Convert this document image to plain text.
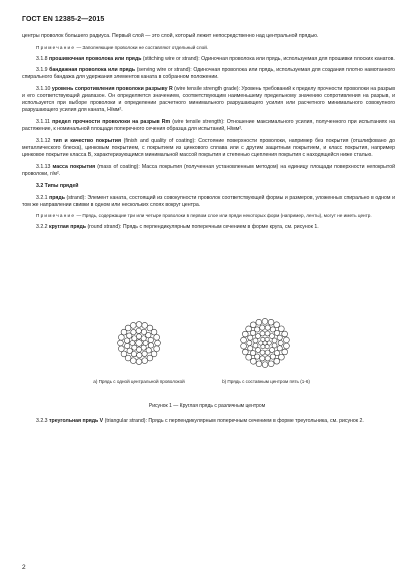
ГОСТ EN 12385-2—2015

центры проволок большего радиуса. Первый слой — это слой, который лежит непосредственно над центральной прядью.

Примечание — Заполняющие проволоки не составляют отдельный слой.

3.1.8 прошивочная проволока или прядь (stitching wire or strand): Одиночная проволока или прядь, используемая для прошивки плоских канатов.

3.1.9 бандажная проволока или прядь (serving wire or strand): Одиночная проволока или прядь, используемая для создания плотно намотанного спирального бандажа для удержания элементов каната в собранном положении.

3.1.10 уровень сопротивления проволоки разрыву R (wire tensile strength grade): Уровень требований к пределу прочности проволоки на разрыв и его соответствующий диапазон. Он определяется значением, соответствующим наименьшему предельному значению сопротивления на разрыв, и используется при выборе проволоки и определении расчетного минимального разрушающего усилия или расчетного минимального совокупного разрушающего усилия для каната, Н/мм².

3.1.11 предел прочности проволоки на разрыв Rm (wire tensile strength): Отношение максимального усилия, полученного при испытаниях на растяжение, к номинальной площади поперечного сечения образца для испытаний, Н/мм².

3.1.12 тип и качество покрытия (finish and quality of coating): Состояние поверхности проволоки, например без покрытия (отшлифовано до металлического блеска), цинковым покрытием, с покрытием из цинкового сплава или с другим защитным покрытием, и класс покрытия, например цинковое покрытие класса В, характеризующимся минимальной массой покрытия и степенью сцепления покрытия с находящейся ниже сталью.

3.1.13 масса покрытия (mass of coating): Масса покрытия (полученная установленным методом) на единицу площади поверхности непокрытой проволоки, г/м².

3.2 Типы прядей

3.2.1 прядь (strand): Элемент каната, состоящий из совокупности проволок соответствующей формы и размеров, уложенных спирально в одном и том же направлении свивки в одном или нескольких слоях вокруг центра.

Примечание — Прядь, содержащие три или четыре проволоки в первом слое или пряди некоторых форм (например, ленты), могут не иметь центр.

3.2.2 круглая прядь (round strand): Прядь с перпендикулярным поперечным сечением в форме круга, см. рисунок 1.

а) Прядь с одной центральной проволокой	b) Прядь с составным центром пять (1-6)
Рисунок 1 — Круглая прядь с различным центром

3.2.3 треугольная прядь V (triangular strand): Прядь с перпендикулярным поперечным сечением в форме треугольника, см. рисунок 2.

2
